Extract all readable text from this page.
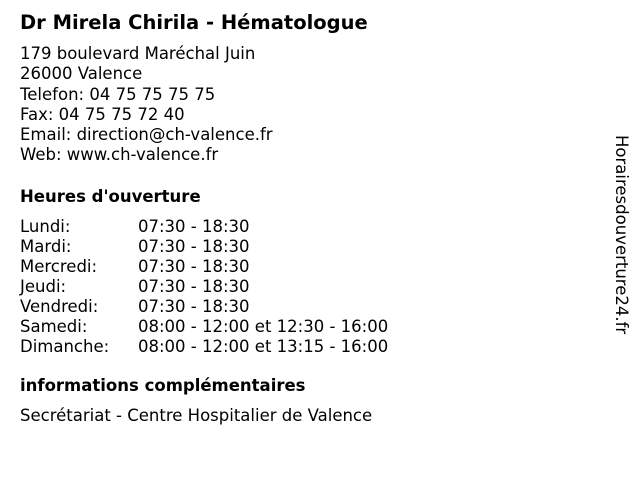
Dr Mirela Chirila - Hématologue
179 boulevard Maréchal Juin
26000 Valence
Telefon: 04 75 75 75 75
Fax: 04 75 75 72 40
Email: direction@ch-valence.fr
Web: www.ch-valence.fr
Heures d'ouverture
Lundi:	07:30 - 18:30
Mardi:	07:30 - 18:30
Mercredi:	07:30 - 18:30
Jeudi:	07:30 - 18:30
Vendredi:	07:30 - 18:30
Samedi:	08:00 - 12:00 et 12:30 - 16:00
Dimanche:	08:00 - 12:00 et 13:15 - 16:00
informations complémentaires
Secrétariat - Centre Hospitalier de Valence
Horairesdouverture24.fr
